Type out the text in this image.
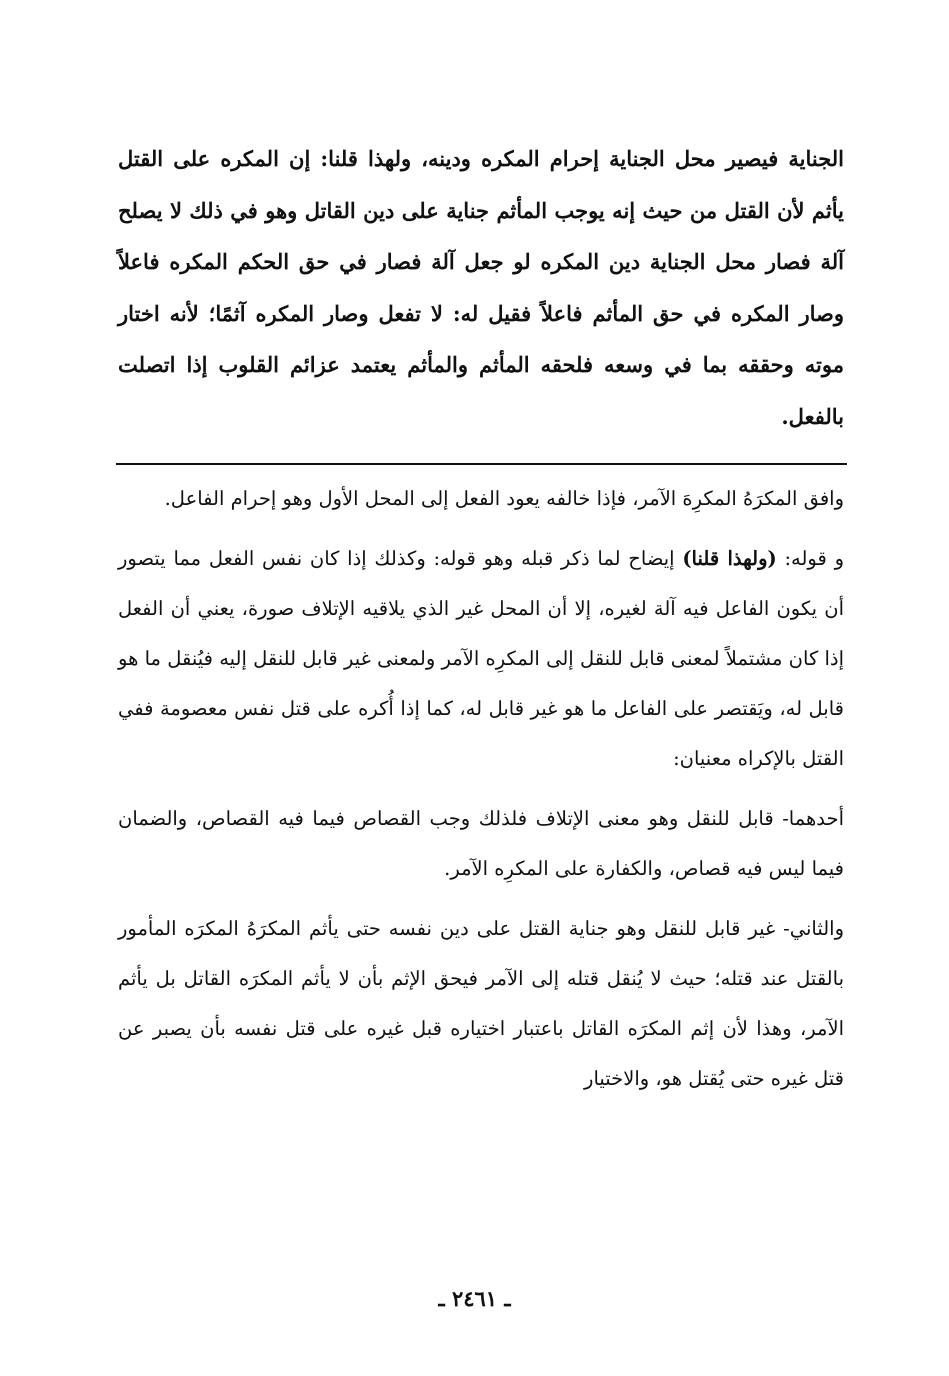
الجناية فيصير محل الجناية إحرام المكره ودينه، ولهذا قلنا: إن المكره على القتل يأثم لأن القتل من حيث إنه يوجب المأثم جناية على دين القاتل وهو في ذلك لا يصلح آلة فصار محل الجناية دين المكره لو جعل آلة فصار في حق الحكم المكره فاعلاً وصار المكره في حق المأثم فاعلاً فقيل له: لا تفعل وصار المكره آثمًا؛ لأنه اختار موته وحققه بما في وسعه فلحقه المأثم والمأثم يعتمد عزائم القلوب إذا اتصلت بالفعل.

وافق المكرَهُ المكرِهَ الآمر، فإذا خالفه يعود الفعل إلى المحل الأول وهو إحرام الفاعل.

و قوله: (ولهذا قلنا) إيضاح لما ذكر قبله وهو قوله: وكذلك إذا كان نفس الفعل مما يتصور أن يكون الفاعل فيه آلة لغيره، إلا أن المحل غير الذي يلاقيه الإتلاف صورة، يعني أن الفعل إذا كان مشتملاً لمعنى قابل للنقل إلى المكرِه الآمر ولمعنى غير قابل للنقل إليه فيُنقل ما هو قابل له، ويَقتصر على الفاعل ما هو غير قابل له، كما إذا أُكره على قتل نفس معصومة ففي القتل بالإكراه معنيان:

أحدهما- قابل للنقل وهو معنى الإتلاف فلذلك وجب القصاص فيما فيه القصاص، والضمان فيما ليس فيه قصاص، والكفارة على المكرِه الآمر.

والثاني- غير قابل للنقل وهو جناية القتل على دين نفسه حتى يأثم المكرَهُ المكرَه المأمور بالقتل عند قتله؛ حيث لا يُنقل قتله إلى الآمر فيحق الإثم بأن لا يأثم المكرَه القاتل بل يأثم الآمر، وهذا لأن إثم المكرَه القاتل باعتبار اختياره قبل غيره على قتل نفسه بأن يصبر عن قتل غيره حتى يُقتل هو، والاختيار

ـ ٢٤٦١ ـ
